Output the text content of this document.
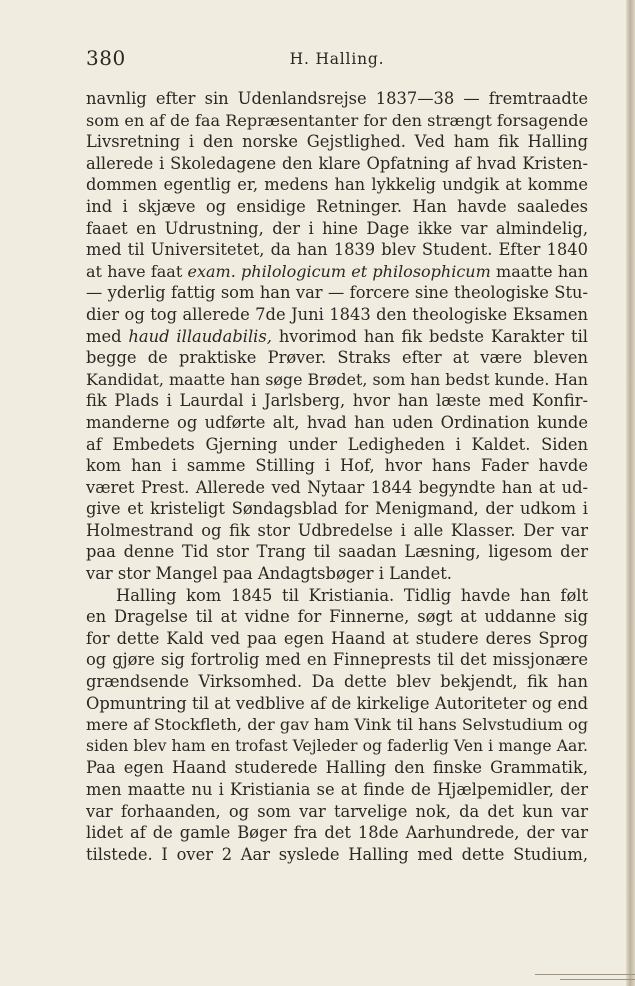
380	H. Halling.
navnlig efter sin Udenlandsrejse 1837—38 — fremtraadte
som en af de faa Repræsentanter for den strængt forsagende
Livsretning i den norske Gejstlighed. Ved ham fik Halling
allerede i Skoledagene den klare Opfatning af hvad Kristen-
dommen egentlig er, medens han lykkelig undgik at komme
ind i skjæve og ensidige Retninger. Han havde saaledes
faaet en Udrustning, der i hine Dage ikke var almindelig,
med til Universitetet, da han 1839 blev Student. Efter 1840
at have faat exam. philologicum et philosophicum maatte han
— yderlig fattig som han var — forcere sine theologiske Stu-
dier og tog allerede 7de Juni 1843 den theologiske Eksamen
med haud illaudabilis, hvorimod han fik bedste Karakter til
begge de praktiske Prøver. Straks efter at være bleven
Kandidat, maatte han søge Brødet, som han bedst kunde. Han
fik Plads i Laurdal i Jarlsberg, hvor han læste med Konfir-
manderne og udførte alt, hvad han uden Ordination kunde
af Embedets Gjerning under Ledigheden i Kaldet. Siden
kom han i samme Stilling i Hof, hvor hans Fader havde
været Prest. Allerede ved Nytaar 1844 begyndte han at ud-
give et kristeligt Søndagsblad for Menigmand, der udkom i
Holmestrand og fik stor Udbredelse i alle Klasser. Der var
paa denne Tid stor Trang til saadan Læsning, ligesom der
var stor Mangel paa Andagtsbøger i Landet.
Halling kom 1845 til Kristiania. Tidlig havde han følt
en Dragelse til at vidne for Finnerne, søgt at uddanne sig
for dette Kald ved paa egen Haand at studere deres Sprog
og gjøre sig fortrolig med en Finneprests til det missjonære
grændsende Virksomhed. Da dette blev bekjendt, fik han
Opmuntring til at vedblive af de kirkelige Autoriteter og end
mere af Stockfleth, der gav ham Vink til hans Selvstudium og
siden blev ham en trofast Vejleder og faderlig Ven i mange Aar.
Paa egen Haand studerede Halling den finske Grammatik,
men maatte nu i Kristiania se at finde de Hjælpemidler, der
var forhaanden, og som var tarvelige nok, da det kun var
lidet af de gamle Bøger fra det 18de Aarhundrede, der var
tilstede. I over 2 Aar syslede Halling med dette Studium,
